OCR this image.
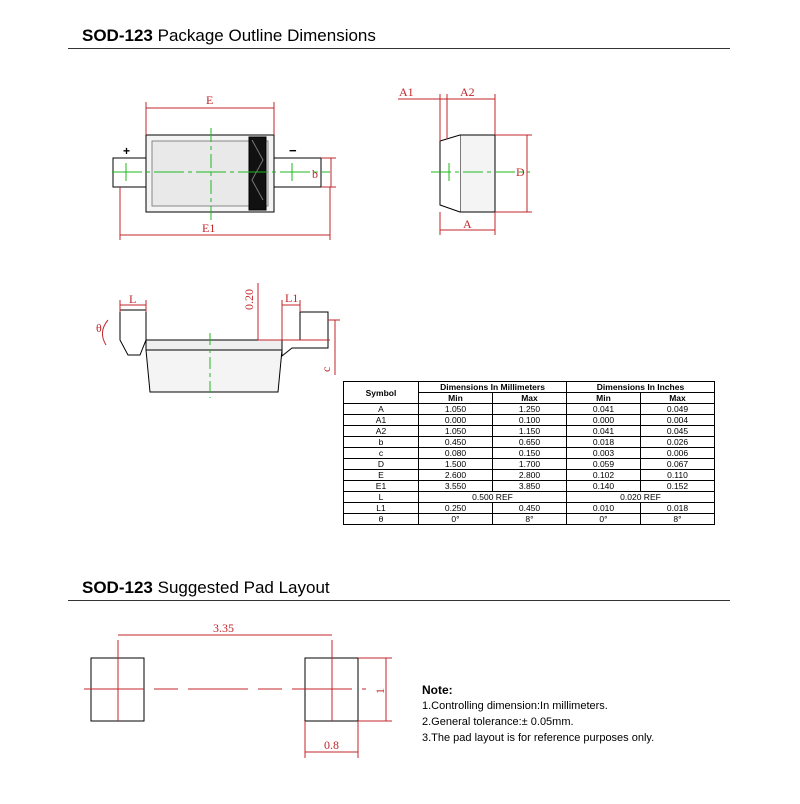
SOD-123 Package Outline Dimensions
E
E1
+	−
b
A1	A2
D
A
L	L1
0.20
c
θ
3.35
1
0.8
Symbol	Dimensions In Millimeters		Dimensions In Inches	
	Min	Max	Min	Max
A	1.050	1.250	0.041	0.049
A1	0.000	0.100	0.000	0.004
A2	1.050	1.150	0.041	0.045
b	0.450	0.650	0.018	0.026
c	0.080	0.150	0.003	0.006
D	1.500	1.700	0.059	0.067
E	2.600	2.800	0.102	0.110
E1	3.550	3.850	0.140	0.152
L	0.500 REF		0.020 REF	
L1	0.250	0.450	0.010	0.018
θ	0°	8°	0°	8°
SOD-123 Suggested Pad Layout
Note:
1.Controlling dimension:In millimeters.
2.General tolerance:± 0.05mm.
3.The pad layout is for reference purposes only.
